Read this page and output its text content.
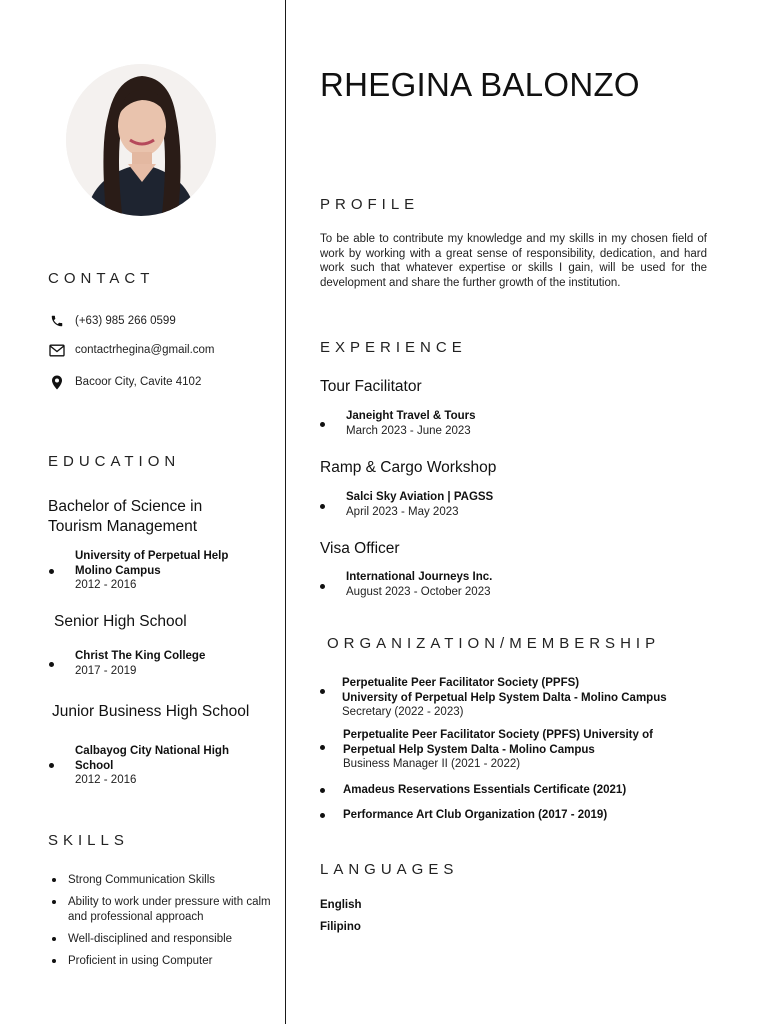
CONTACT
(+63) 985 266 0599
contactrhegina@gmail.com
Bacoor City, Cavite 4102
EDUCATION
Bachelor of Science in
Tourism Management
University of Perpetual Help
Molino Campus
2012 - 2016
Senior High School
Christ The King College
2017 - 2019
Junior Business High School
Calbayog City National High
School
2012 - 2016
SKILLS
Strong Communication Skills
Ability to work under pressure with calm and professional approach
Well-disciplined and responsible
Proficient in using Computer
RHEGINA BALONZO
PROFILE
To be able to contribute my knowledge and my skills in my chosen field of work by working with a great sense of responsibility, dedication, and hard work such that whatever expertise or skills I gain, will be used for the development and share the further growth of the institution.
EXPERIENCE
Tour Facilitator
Janeight Travel & Tours
March 2023 - June 2023
Ramp & Cargo Workshop
Salci Sky Aviation | PAGSS
April 2023 - May 2023
Visa Officer
International Journeys Inc.
August 2023 - October 2023
ORGANIZATION/MEMBERSHIP
Perpetualite Peer Facilitator Society (PPFS)
University of Perpetual Help System Dalta - Molino Campus
Secretary (2022 - 2023)
Perpetualite Peer Facilitator Society (PPFS) University of
Perpetual Help System Dalta - Molino Campus
Business Manager II (2021 - 2022)
Amadeus Reservations Essentials Certificate (2021)
Performance Art Club Organization (2017 - 2019)
LANGUAGES
English
Filipino
